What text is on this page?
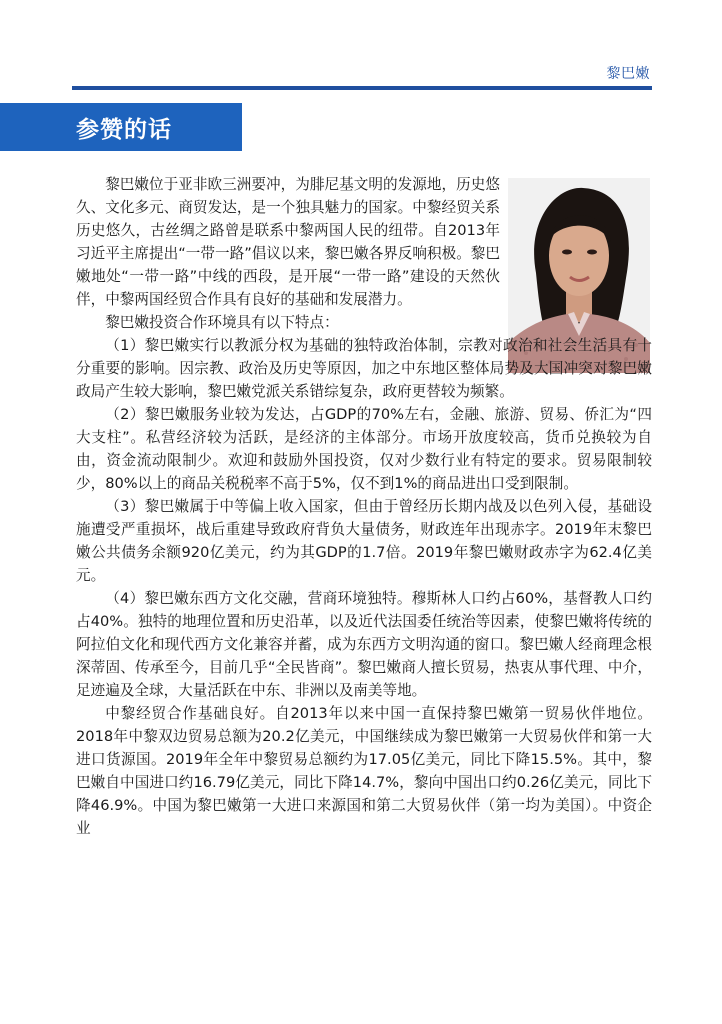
黎巴嫩
参赞的话

黎巴嫩位于亚非欧三洲要冲，为腓尼基文明的发源地，历史悠久、文化多元、商贸发达，是一个独具魅力的国家。中黎经贸关系历史悠久，古丝绸之路曾是联系中黎两国人民的纽带。自2013年习近平主席提出“一带一路”倡议以来，黎巴嫩各界反响积极。黎巴嫩地处“一带一路”中线的西段，是开展“一带一路”建设的天然伙伴，中黎两国经贸合作具有良好的基础和发展潜力。

黎巴嫩投资合作环境具有以下特点：

（1）黎巴嫩实行以教派分权为基础的独特政治体制，宗教对政治和社会生活具有十分重要的影响。因宗教、政治及历史等原因，加之中东地区整体局势及大国冲突对黎巴嫩政局产生较大影响，黎巴嫩党派关系错综复杂，政府更替较为频繁。

（2）黎巴嫩服务业较为发达，占GDP的70%左右，金融、旅游、贸易、侨汇为“四大支柱”。私营经济较为活跃，是经济的主体部分。市场开放度较高，货币兑换较为自由，资金流动限制少。欢迎和鼓励外国投资，仅对少数行业有特定的要求。贸易限制较少，80%以上的商品关税税率不高于5%，仅不到1%的商品进出口受到限制。

（3）黎巴嫩属于中等偏上收入国家，但由于曾经历长期内战及以色列入侵，基础设施遭受严重损坏，战后重建导致政府背负大量债务，财政连年出现赤字。2019年末黎巴嫩公共债务余额920亿美元，约为其GDP的1.7倍。2019年黎巴嫩财政赤字为62.4亿美元。

（4）黎巴嫩东西方文化交融，营商环境独特。穆斯林人口约占60%，基督教人口约占40%。独特的地理位置和历史沿革，以及近代法国委任统治等因素，使黎巴嫩将传统的阿拉伯文化和现代西方文化兼容并蓄，成为东西方文明沟通的窗口。黎巴嫩人经商理念根深蒂固、传承至今，目前几乎“全民皆商”。黎巴嫩商人擅长贸易，热衷从事代理、中介，足迹遍及全球，大量活跃在中东、非洲以及南美等地。

中黎经贸合作基础良好。自2013年以来中国一直保持黎巴嫩第一贸易伙伴地位。2018年中黎双边贸易总额为20.2亿美元，中国继续成为黎巴嫩第一大贸易伙伴和第一大进口货源国。2019年全年中黎贸易总额约为17.05亿美元，同比下降15.5%。其中，黎巴嫩自中国进口约16.79亿美元，同比下降14.7%，黎向中国出口约0.26亿美元，同比下降46.9%。中国为黎巴嫩第一大进口来源国和第二大贸易伙伴（第一均为美国）。中资企业
